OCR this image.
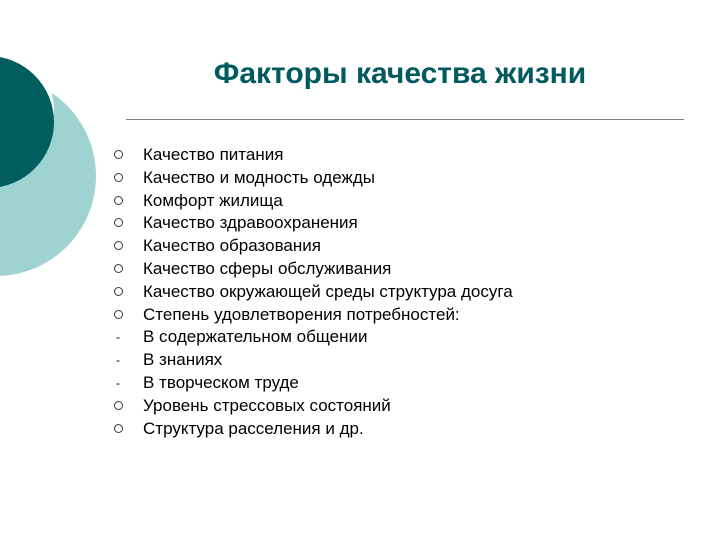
Факторы качества жизни
Качество питания
Качество и модность одежды
Комфорт жилища
Качество здравоохранения
Качество образования
Качество сферы обслуживания
Качество окружающей среды структура досуга
Степень удовлетворения потребностей:
-	В содержательном общении
-	В знаниях
-	В творческом труде
Уровень стрессовых состояний
Структура расселения и др.
